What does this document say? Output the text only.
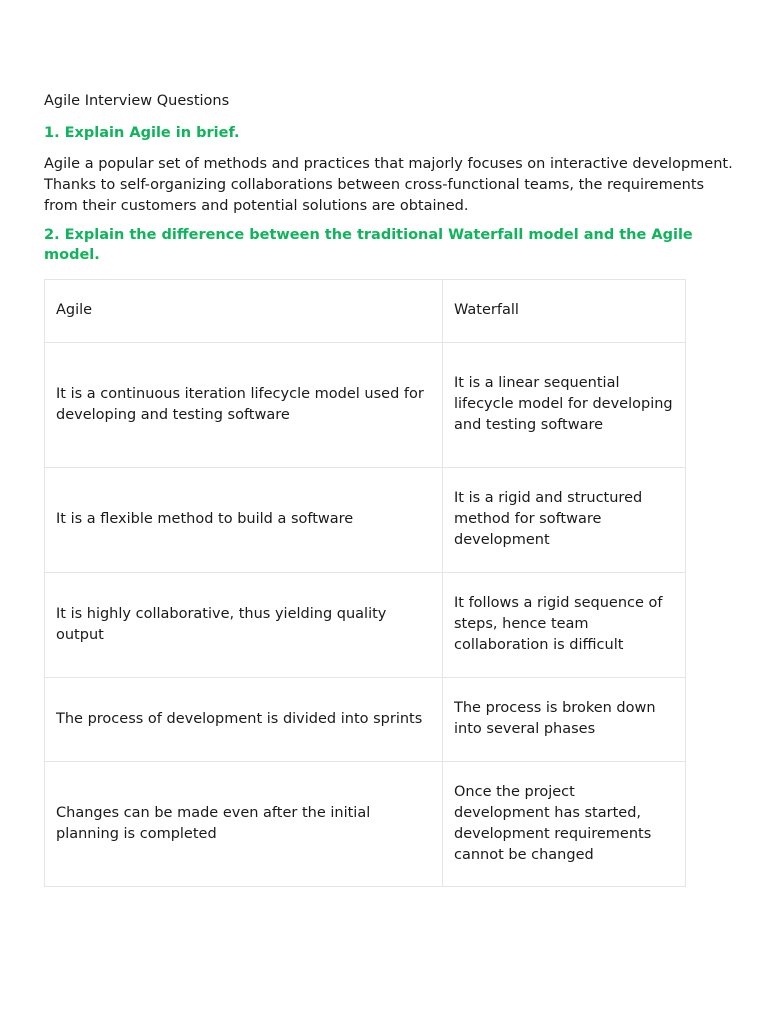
Agile Interview Questions

1. Explain Agile in brief.

Agile a popular set of methods and practices that majorly focuses on interactive development. Thanks to self-organizing collaborations between cross-functional teams, the requirements from their customers and potential solutions are obtained.

2. Explain the difference between the traditional Waterfall model and the Agile model.

Agile	Waterfall
It is a continuous iteration lifecycle model used for developing and testing software	It is a linear sequential lifecycle model for developing and testing software
It is a flexible method to build a software	It is a rigid and structured method for software development
It is highly collaborative, thus yielding quality output	It follows a rigid sequence of steps, hence team collaboration is difficult
The process of development is divided into sprints	The process is broken down into several phases
Changes can be made even after the initial planning is completed	Once the project development has started, development requirements cannot be changed
